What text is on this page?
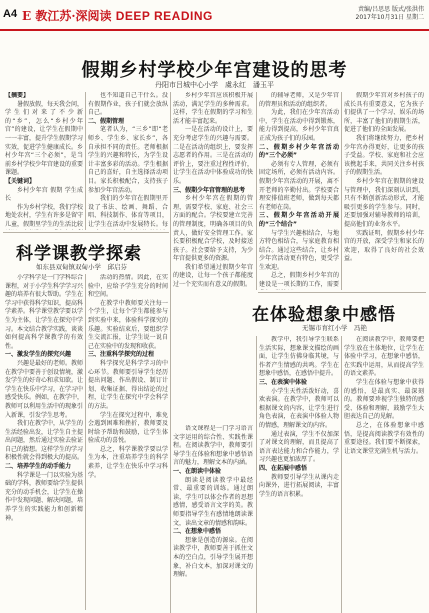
A4 E 教江苏·深阅读 DEEP READING	责编/吕思思 版式/张洪伟
2017年10月31日 星期二
假期乡村学校少年宫建设的思考
丹阳市吕城中心小学　虞永红　潘玉平

【摘要】

暑假放假，每天我会问，学生们对来了不少新的“乡”，怎么“乡村少年宫”的建设，让学生在假期中一一丰富，提升学生假期学习实效，促进学生健康成长。乡村少年宫“三个必须”，是当前乡村学校少年宫建设的重要课题。

【关键词】

乡村少年宫 假期 学生成长

作为乡村学校，我们学校地处农村，学生有许多是留守儿童，假期里学生的生活比较

也不知道自己干什么。没有假期作业，孩子们就会放纵自己。

二、假期管理

笔者认为，“三乡”即“老师乡、学生乡、家长乡”，各自承担不同的责任。老师根据学生的兴趣和特长，为学生设计丰富多彩的活动。学生根据自己的喜好，自主选择活动项目。家长积极配合，支持孩子参加少年宫活动。

我们的少年宫在假期里开设了书法、绘画、舞蹈、合唱、科技制作、体育等项目，让学生在活动中发展特长。每

乡村少年宫应该积极开展活动，满足学生的多种需求。这样，学生在假期的学习和生活才能丰富起来。

一是在活动的设计上，要充分考虑学生的兴趣与需要。二是在活动的组织上，要发挥志愿者的作用。三是在活动的评价上，要注重过程性评价，让学生在活动中体验成功的快乐。

三、假期少年宫管理的思考

乡村少年宫在假期的管理，需要学校、家庭、社会三方面的配合。学校要建立完善的管理制度，明确各项目的负责人，做好安全管理工作。家长要积极配合学校，及时接送孩子。社会要给予支持，为少年宫提供更多的资源。

我们希望通过假期少年宫的建设，让每一个孩子都能度过一个充实而有意义的假期。

的辅导老师，又是少年宫的管理员和活动的组织者。

为此，我们在少年宫活动中，学生在活动中得到锻炼，能力得到提高，乡村少年宫真正成为孩子们的乐园。

二、假期乡村少年宫活动的“三个必须”

必须有专人管理，必须有固定场所，必须有活动内容。假期少年宫活动的开展，离不开老师的辛勤付出。学校要合理安排值班老师，做到每天都有老师在岗。

三、假期少年宫活动开展的“三个结合”

与学生兴趣相结合，与地方特色相结合，与家庭教育相结合。通过这些结合，让乡村少年宫活动更有特色，更受学生欢迎。

总之，假期乡村少年宫的建设是一项长期的工作，需要

假期少年宫对乡村孩子的成长具有重要意义，它为孩子们提供了一个学习、娱乐的场所，丰富了他们的假期生活，促进了他们的全面发展。

我们将继续努力，把乡村少年宫办得更好，让更多的孩子受益。学校、家庭和社会应该携起手来，共同关注乡村孩子的假期生活。

乡村少年宫在假期的建设与管理中，我们深刻认识到，只有不断创新活动形式，才能吸引更多的学生参与。同时，还要加强对辅导教师的培训，提高他们的业务水平。

实践证明，假期乡村少年宫的开放，深受学生和家长的欢迎，取得了良好的社会效益。

科学课教学探索
如东县双甸镇双甸小学　邱启芬

小学科学是一门学科综合课程，对于小学生科学学习兴趣的培养有很大帮助。学生在学习中获得科学知识，提高科学素养。科学课堂教学要以学生为主体，让学生在探究中学习。本文结合教学实践，谈谈如何提高科学课教学的有效性。

一、激发学生的探究兴趣

兴趣是最好的老师。教师在教学中要善于创设情境，激发学生的好奇心和求知欲。让学生在快乐中学习，在学习中感受快乐。例如，在教学中，教师可以利用生活中的现象引入新课，引发学生思考。

我们在教学中，从学生的生活经验出发，让学生自主提出问题，然后通过实验去验证自己的猜想。这样学生的学习积极性就会得到极大的提高。

二、培养学生的动手能力

科学课是一门以实验为基础的学科，教师要给学生提供充分的动手机会，让学生在操作中发现问题、解决问题，培养学生的实践能力和创新精神。

活动的热情。因此，在实验中，应给予学生充分的时间和空间。

在教学中教师要关注每一个学生，让每个学生都能参与到实验中来，体验科学探究的乐趣。实验结束后，要组织学生交流汇报，让学生说一说自己在实验中的发现和收获。

三、注重科学探究的过程

科学探究是科学学习的中心环节。教师要引导学生经历提出问题、作出假设、制订计划、收集证据、得出结论的过程，让学生在探究中学会科学的方法。

学生在探究过程中，难免会遇到困难和挫折，教师要及时给予帮助和鼓励，让学生体验成功的喜悦。

总之，科学课教学要以学生为本，注重培养学生的科学素养，让学生在快乐中学习科学。

在体验想象中感悟
无锡市育红小学　冯艳

语文课程是一门学习语言文字运用的综合性、实践性课程。在阅读教学中，教师要引导学生在体验和想象中感悟语言的魅力，理解文本的内涵。

一、在朗读中体验

朗读是阅读教学中最经常、最重要的训练。通过朗读，学生可以体会作者的思想感情，感受语言文字的美。教师要指导学生有感情地朗读课文，读出文章的情感和韵味。

二、在想象中感悟

想象是创造的源泉。在阅读教学中，教师要善于抓住文本的空白点，引导学生展开想象，补白文本，加深对课文的理解。

教学中，我引导学生联系生活实际，想象课文描绘的画面，让学生仿佛身临其境，与作者产生情感的共鸣。学生在想象中感悟，在感悟中提升。

三、在表演中体验

小学生天性活泼好动，喜欢表演。在教学中，教师可以根据课文的内容，让学生进行角色表演，在表演中体验人物的情感，理解课文的内容。

通过表演，学生不仅加深了对课文的理解，而且提高了语言表达能力和合作能力，学习兴趣也更加浓厚了。

四、在拓展中感悟

教师要引导学生从课内走向课外，进行拓展阅读，丰富学生的语言积累。

在阅读教学中，教师要把学生放在主体地位，让学生在体验中学习，在想象中感悟，在实践中运用，从而提高学生的语文素养。

学生在体验与想象中获得的感悟，是最真实、最深刻的。教师要珍视学生独特的感受、体验和理解，鼓励学生大胆表达自己的见解。

总之，在体验想象中感悟，是提高阅读教学有效性的重要途径。我们要不断探索，让语文课堂充满生机与活力。
